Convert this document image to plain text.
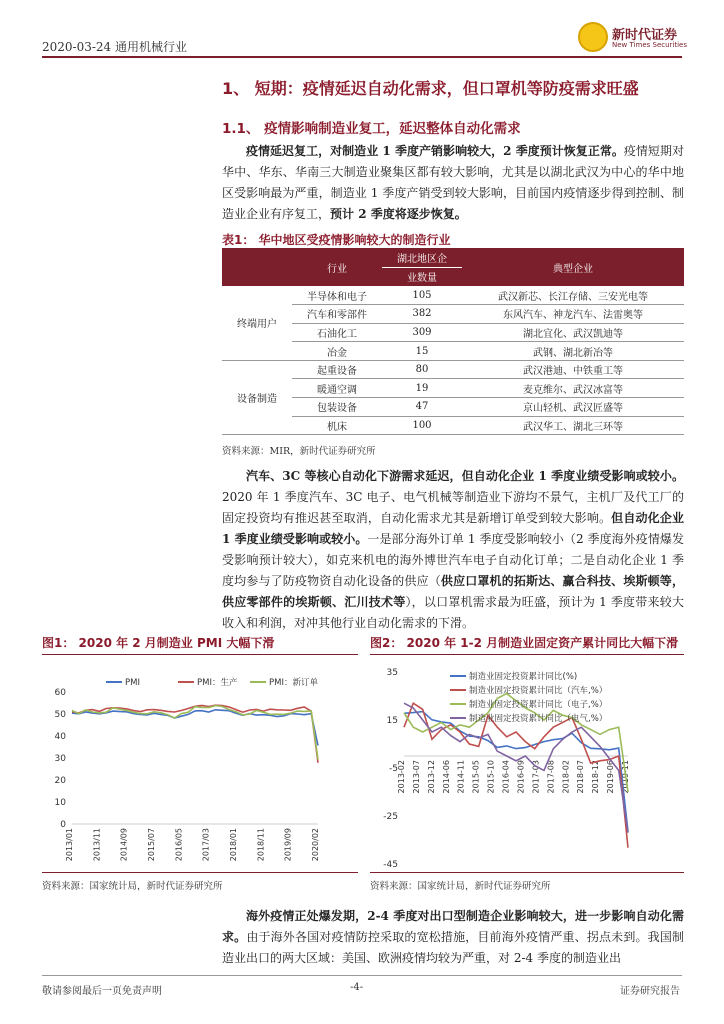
2020-03-24 通用机械行业
新时代证券
New Times Securities
1、 短期：疫情延迟自动化需求，但口罩机等防疫需求旺盛
1.1、 疫情影响制造业复工，延迟整体自动化需求
疫情延迟复工，对制造业 1 季度产销影响较大，2 季度预计恢复正常。疫情短期对华中、华东、华南三大制造业聚集区都有较大影响，尤其是以湖北武汉为中心的华中地区受影响最为严重，制造业 1 季度产销受到较大影响，目前国内疫情逐步得到控制、制造业企业有序复工，预计 2 季度将逐步恢复。
表1： 华中地区受疫情影响较大的制造行业
	行业	湖北地区企	典型企业
		业数量	
终端用户	半导体和电子	105	武汉新芯、长江存储、三安光电等
	汽车和零部件	382	东风汽车、神龙汽车、法雷奥等
	石油化工	309	湖北宜化、武汉凯迪等
	冶金	15	武钢、湖北新冶等
设备制造	起重设备	80	武汉港迪、中铁重工等
	暖通空调	19	麦克维尔、武汉冰富等
	包装设备	47	京山轻机、武汉匠盛等
	机床	100	武汉华工、湖北三环等
资料来源：MIR，新时代证券研究所
汽车、3C 等核心自动化下游需求延迟，但自动化企业 1 季度业绩受影响或较小。2020 年 1 季度汽车、3C 电子、电气机械等制造业下游均不景气，主机厂及代工厂的固定投资均有推迟甚至取消，自动化需求尤其是新增订单受到较大影响。但自动化企业 1 季度业绩受影响或较小。一是部分海外订单 1 季度受影响较小（2 季度海外疫情爆发受影响预计较大），如克来机电的海外博世汽车电子自动化订单；二是自动化企业 1 季度均参与了防疫物资自动化设备的供应（供应口罩机的拓斯达、赢合科技、埃斯顿等，供应零部件的埃斯顿、汇川技术等），以口罩机需求最为旺盛，预计为 1 季度带来较大收入和利润，对冲其他行业自动化需求的下滑。
图1： 2020 年 2 月制造业 PMI 大幅下滑	图2： 2020 年 1-2 月制造业固定资产累计同比大幅下滑
0
10
20
30
40
50
60
2013/01 2013/11 2014/09 2015/07 2016/05 2017/03 2018/01 2018/11 2019/09 2020/02
PMI	PMI：生产	PMI：新订单
35
15
-5
-25
-45
2013-02 2013-07 2013-12 2014-06 2014-11 2015-05 2015-10 2016-04 2016-09 2017-03 2017-08 2018-02 2018-07 2018-12 2019-06 2019-11
制造业固定投资累计同比(%)
制造业固定投资累计同比（汽车,%）
制造业固定投资累计同比（电子,%）
制造业固定投资累计同比（电气,%）
资料来源：国家统计局，新时代证券研究所	资料来源：国家统计局，新时代证券研究所
海外疫情正处爆发期，2-4 季度对出口型制造企业影响较大，进一步影响自动化需求。由于海外各国对疫情防控采取的宽松措施，目前海外疫情严重、拐点未到。我国制造业出口的两大区域：美国、欧洲疫情均较为严重，对 2-4 季度的制造业出
敬请参阅最后一页免责声明	-4-	证券研究报告
